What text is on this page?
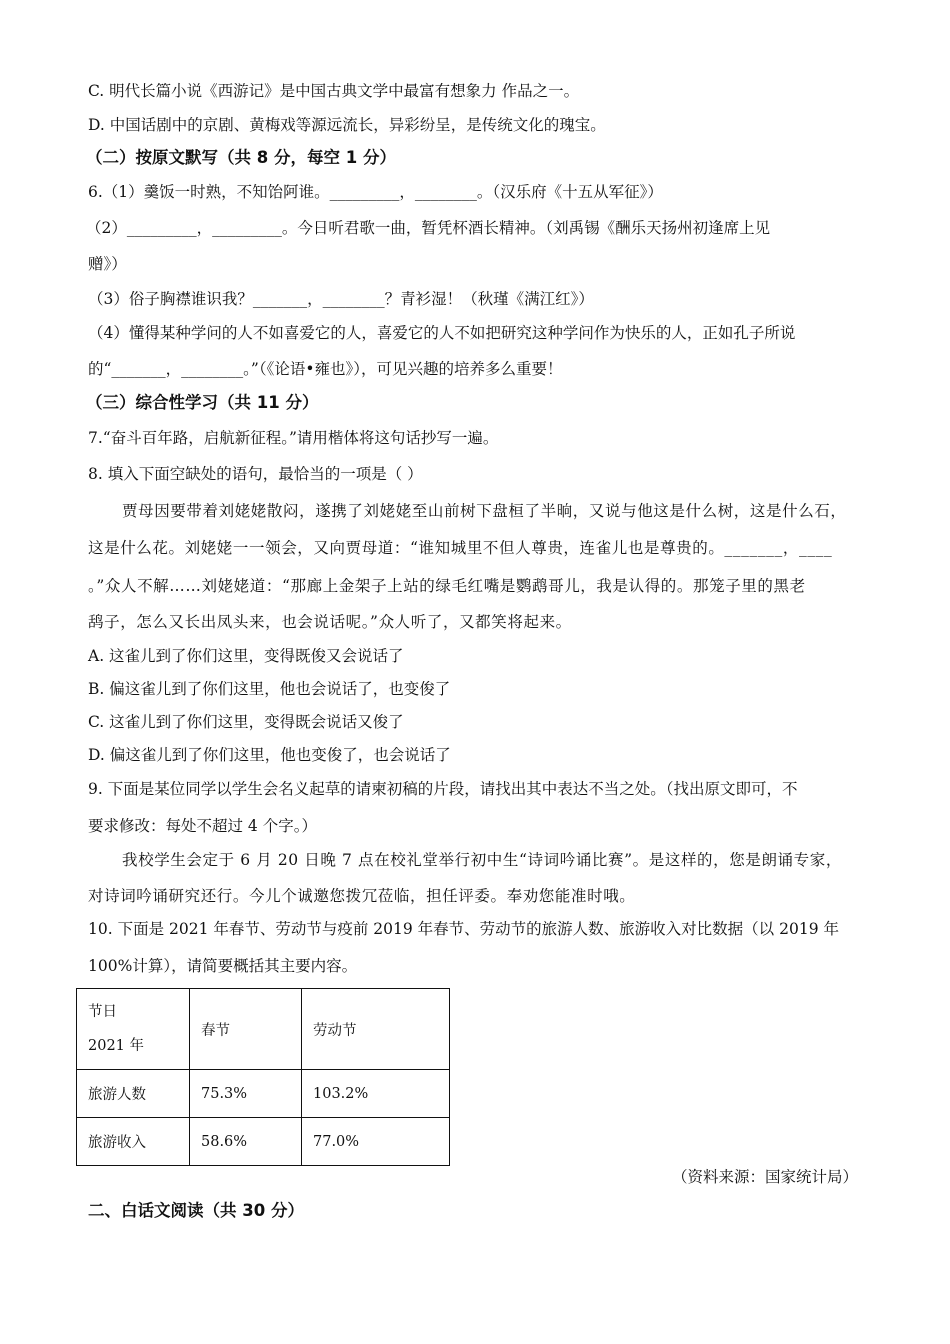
C. 明代长篇小说《西游记》是中国古典文学中最富有想象力 作品之一。
D. 中国话剧中的京剧、黄梅戏等源远流长，异彩纷呈，是传统文化的瑰宝。
（二）按原文默写（共 8 分，每空 1 分）
6.（1）羹饭一时熟，不知饴阿谁。_________，________。（汉乐府《十五从军征》）
（2）_________，_________。今日听君歌一曲，暂凭杯酒长精神。（刘禹锡《酬乐天扬州初逢席上见
赠》）
（3）俗子胸襟谁识我？_______，________？青衫湿！（秋瑾《满江红》）
（4）懂得某种学问的人不如喜爱它的人，喜爱它的人不如把研究这种学问作为快乐的人，正如孔子所说
的“_______，________。”（《论语•雍也》），可见兴趣的培养多么重要！
（三）综合性学习（共 11 分）
7.“奋斗百年路，启航新征程。”请用楷体将这句话抄写一遍。
8. 填入下面空缺处的语句，最恰当的一项是（ ）
贾母因要带着刘姥姥散闷，遂携了刘姥姥至山前树下盘桓了半晌，又说与他这是什么树，这是什么石，
这是什么花。刘姥姥一一领会，又向贾母道：“谁知城里不但人尊贵，连雀儿也是尊贵的。_______，____
。”众人不解……刘姥姥道：“那廊上金架子上站的绿毛红嘴是鹦鹉哥儿，我是认得的。那笼子里的黑老
鸹子，怎么又长出凤头来，也会说话呢。”众人听了，又都笑将起来。
A. 这雀儿到了你们这里，变得既俊又会说话了
B. 偏这雀儿到了你们这里，他也会说话了，也变俊了
C. 这雀儿到了你们这里，变得既会说话又俊了
D. 偏这雀儿到了你们这里，他也变俊了，也会说话了
9. 下面是某位同学以学生会名义起草的请柬初稿的片段，请找出其中表达不当之处。（找出原文即可，不
要求修改：每处不超过 4 个字。）
我校学生会定于 6 月 20 日晚 7 点在校礼堂举行初中生“诗词吟诵比赛”。是这样的，您是朗诵专家，
对诗词吟诵研究还行。今儿个诚邀您拨冗莅临，担任评委。奉劝您能准时哦。
10. 下面是 2021 年春节、劳动节与疫前 2019 年春节、劳动节的旅游人数、旅游收入对比数据（以 2019 年
100%计算），请简要概括其主要内容。
节日
2021 年	春节	劳动节
旅游人数	75.3%	103.2%
旅游收入	58.6%	77.0%
（资料来源：国家统计局）
二、白话文阅读（共 30 分）
